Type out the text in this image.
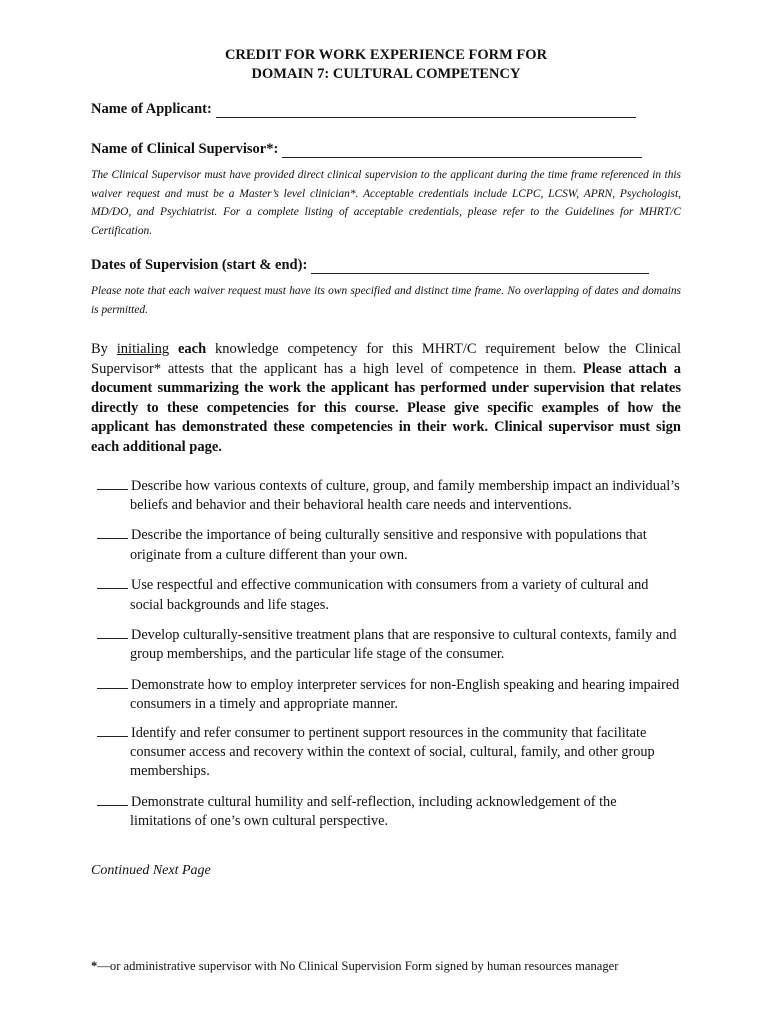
CREDIT FOR WORK EXPERIENCE FORM FOR

DOMAIN 7: CULTURAL COMPETENCY

Name of Applicant:
Name of Clinical Supervisor*:

The Clinical Supervisor must have provided direct clinical supervision to the applicant during the time frame referenced in this waiver request and must be a Master’s level clinician*. Acceptable credentials include LCPC, LCSW, APRN, Psychologist, MD/DO, and Psychiatrist. For a complete listing of acceptable credentials, please refer to the Guidelines for MHRT/C Certification.

Dates of Supervision (start & end):

Please note that each waiver request must have its own specified and distinct time frame. No overlapping of dates and domains is permitted.

By initialing each knowledge competency for this MHRT/C requirement below the Clinical Supervisor* attests that the applicant has a high level of competence in them. Please attach a document summarizing the work the applicant has performed under supervision that relates directly to these competencies for this course. Please give specific examples of how the applicant has demonstrated these competencies in their work. Clinical supervisor must sign each additional page.

Describe how various contexts of culture, group, and family membership impact an individual’s beliefs and behavior and their behavioral health care needs and interventions.
Describe the importance of being culturally sensitive and responsive with populations that originate from a culture different than your own.
Use respectful and effective communication with consumers from a variety of cultural and social backgrounds and life stages.
Develop culturally-sensitive treatment plans that are responsive to cultural contexts, family and group memberships, and the particular life stage of the consumer.
Demonstrate how to employ interpreter services for non-English speaking and hearing impaired consumers in a timely and appropriate manner.
Identify and refer consumer to pertinent support resources in the community that facilitate consumer access and recovery within the context of social, cultural, family, and other group memberships.
Demonstrate cultural humility and self-reflection, including acknowledgement of the limitations of one’s own cultural perspective.

Continued Next Page

*—or administrative supervisor with No Clinical Supervision Form signed by human resources manager
